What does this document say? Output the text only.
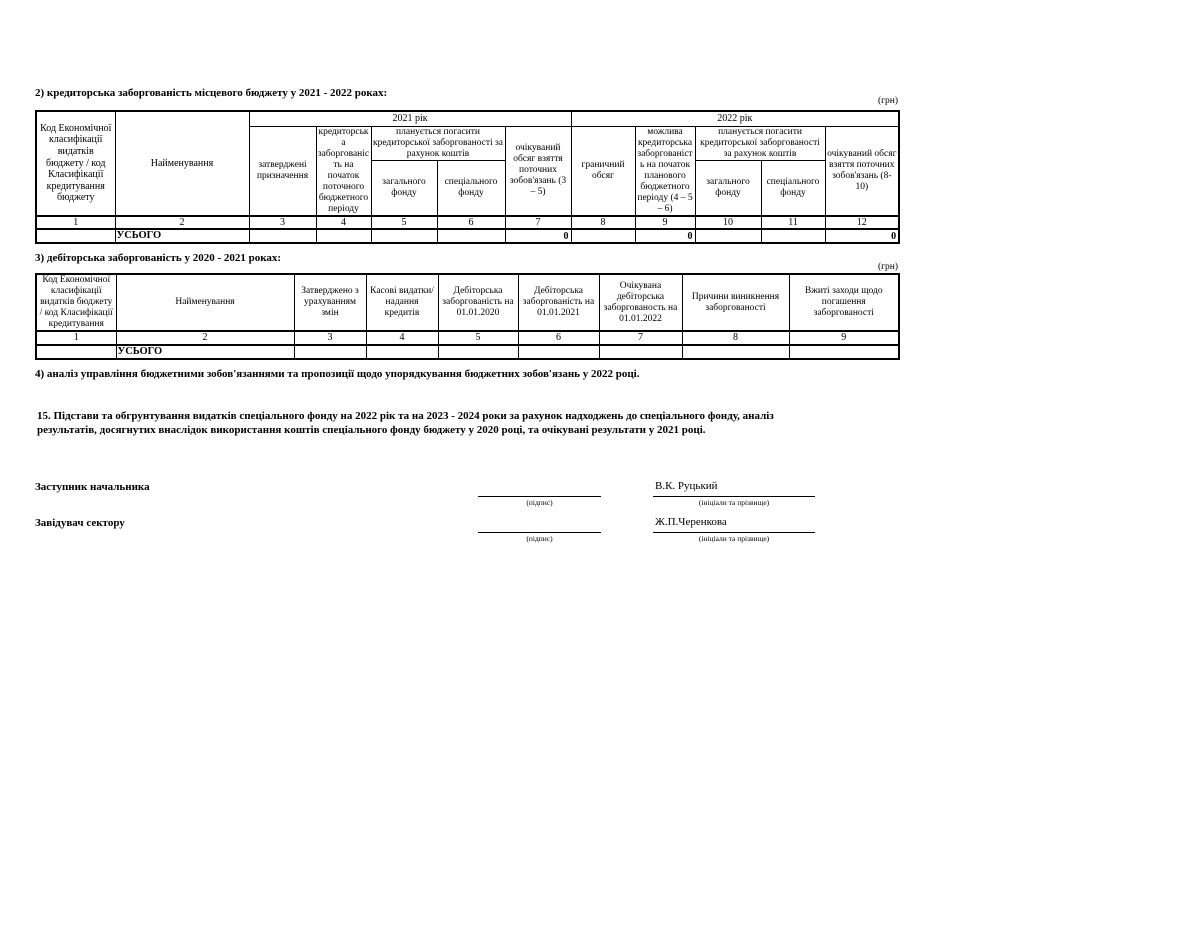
2) кредиторська заборгованість місцевого бюджету у 2021 - 2022 роках:
(грн)
Код Економічної класифікації видатків бюджету / код Класифікації кредитування бюджету	Найменування	2021 рік					2022 рік				
		затверджені призначення	кредиторська заборгованість на початок поточного бюджетного періоду	планується погасити кредиторської заборгованості за рахунок коштів		очікуваний обсяг взяття поточних зобов'язань (3 – 5)	граничний обсяг	можлива кредиторська заборгованість на початок планового бюджетного періоду (4 – 5 – 6)	планується погасити кредиторської заборгованості за рахунок коштів		очікуваний обсяг взяття поточних зобов'язань (8-10)
				загального фонду	спеціального фонду				загального фонду	спеціального фонду	
1	2	3	4	5	6	7	8	9	10	11	12
	УСЬОГО					0		0			0
3) дебіторська заборгованість у 2020 - 2021 роках:
(грн)
Код Економічної класифікації видатків бюджету / код Класифікації кредитування	Найменування	Затверджено з урахуванням змін	Касові видатки/ надання кредитів	Дебіторська заборгованість на 01.01.2020	Дебіторська заборгованість на 01.01.2021	Очікувана дебіторська заборгованость на 01.01.2022	Причини виникнення заборгованості	Вжиті заходи щодо погашення заборгованості
1	2	3	4	5	6	7	8	9
	УСЬОГО							
4) аналіз управління бюджетними зобов'язаннями та пропозиції щодо упорядкування бюджетних зобов'язань у 2022 році.
15. Підстави та обгрунтування видатків спеціального фонду на 2022 рік та на 2023 - 2024 роки за рахунок надходжень до спеціального фонду, аналіз результатів, досягнутих внаслідок використання коштів спеціального фонду бюджету у 2020 році, та очікувані результати у 2021 році.
Заступник начальника
(підпис)
В.К. Руцький
(ініціали та прізвище)
Завідувач сектору
(підпис)
Ж.П.Черенкова
(ініціали та прізвище)
